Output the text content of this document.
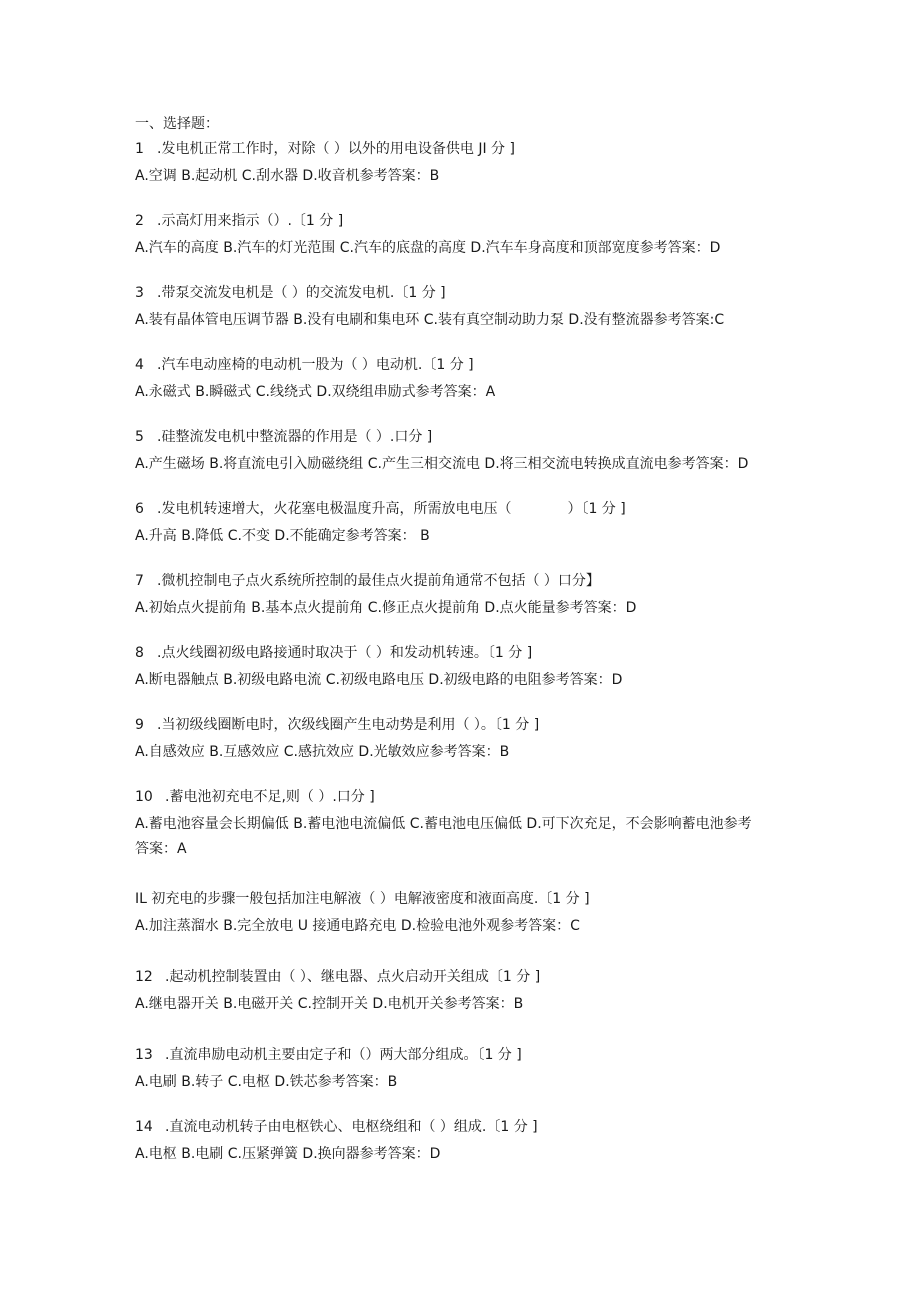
一、选择题：
1 .发电机正常工作时，对除（ ）以外的用电设备供电 JI 分 ]
A.空调 B.起动机 C.刮水器 D.收音机参考答案：B
2 .示高灯用来指示（）.〔1 分 ]
A.汽车的高度 B.汽车的灯光范围 C.汽车的底盘的高度 D.汽车车身高度和顶部宽度参考答案：D
3 .带泵交流发电机是（ ）的交流发电机.〔1 分 ]
A.装有晶体管电压调节器 B.没有电刷和集电环 C.装有真空制动助力泵 D.没有整流器参考答案:C
4 .汽车电动座椅的电动机一股为（ ）电动机.〔1 分 ]
A.永磁式 B.瞬磁式 C.线绕式 D.双绕组串励式参考答案：A
5 .硅整流发电机中整流器的作用是（ ）.口分 ]
A.产生磁场 B.将直流电引入励磁绕组 C.产生三相交流电 D.将三相交流电转换成直流电参考答案：D
6 .发电机转速增大，火花塞电极温度升高，所需放电电压（　　　　）〔1 分 ]
A.升高 B.降低 C.不变 D.不能确定参考答案： B
7 .微机控制电子点火系统所控制的最佳点火提前角通常不包括（ ）口分】
A.初始点火提前角 B.基本点火提前角 C.修正点火提前角 D.点火能量参考答案：D
8 .点火线圈初级电路接通时取决于（ ）和发动机转速。〔1 分 ]
A.断电器触点 B.初级电路电流 C.初级电路电压 D.初级电路的电阻参考答案：D
9 .当初级线圈断电时，次级线圈产生电动势是利用（ ）。〔1 分 ]
A.自感效应 B.互感效应 C.感抗效应 D.光敏效应参考答案：B
10 .蓄电池初充电不足,则（ ）.口分 ]
A.蓄电池容量会长期偏低 B.蓄电池电流偏低 C.蓄电池电压偏低 D.可下次充足，不会影响蓄电池参考答案：A
IL 初充电的步骤一般包括加注电解液（ ）电解液密度和液面高度.〔1 分 ]
A.加注蒸溜水 B.完全放电 U 接通电路充电 D.检验电池外观参考答案：C
12 .起动机控制装置由（ ）、继电器、点火启动开关组成〔1 分 ]
A.继电器开关 B.电磁开关 C.控制开关 D.电机开关参考答案：B
13 .直流串励电动机主要由定子和（）两大部分组成。〔1 分 ]
A.电刷 B.转子 C.电枢 D.铁芯参考答案：B
14 .直流电动机转子由电枢铁心、电枢绕组和（ ）组成.〔1 分 ]
A.电枢 B.电刷 C.压紧弹簧 D.换向器参考答案：D
